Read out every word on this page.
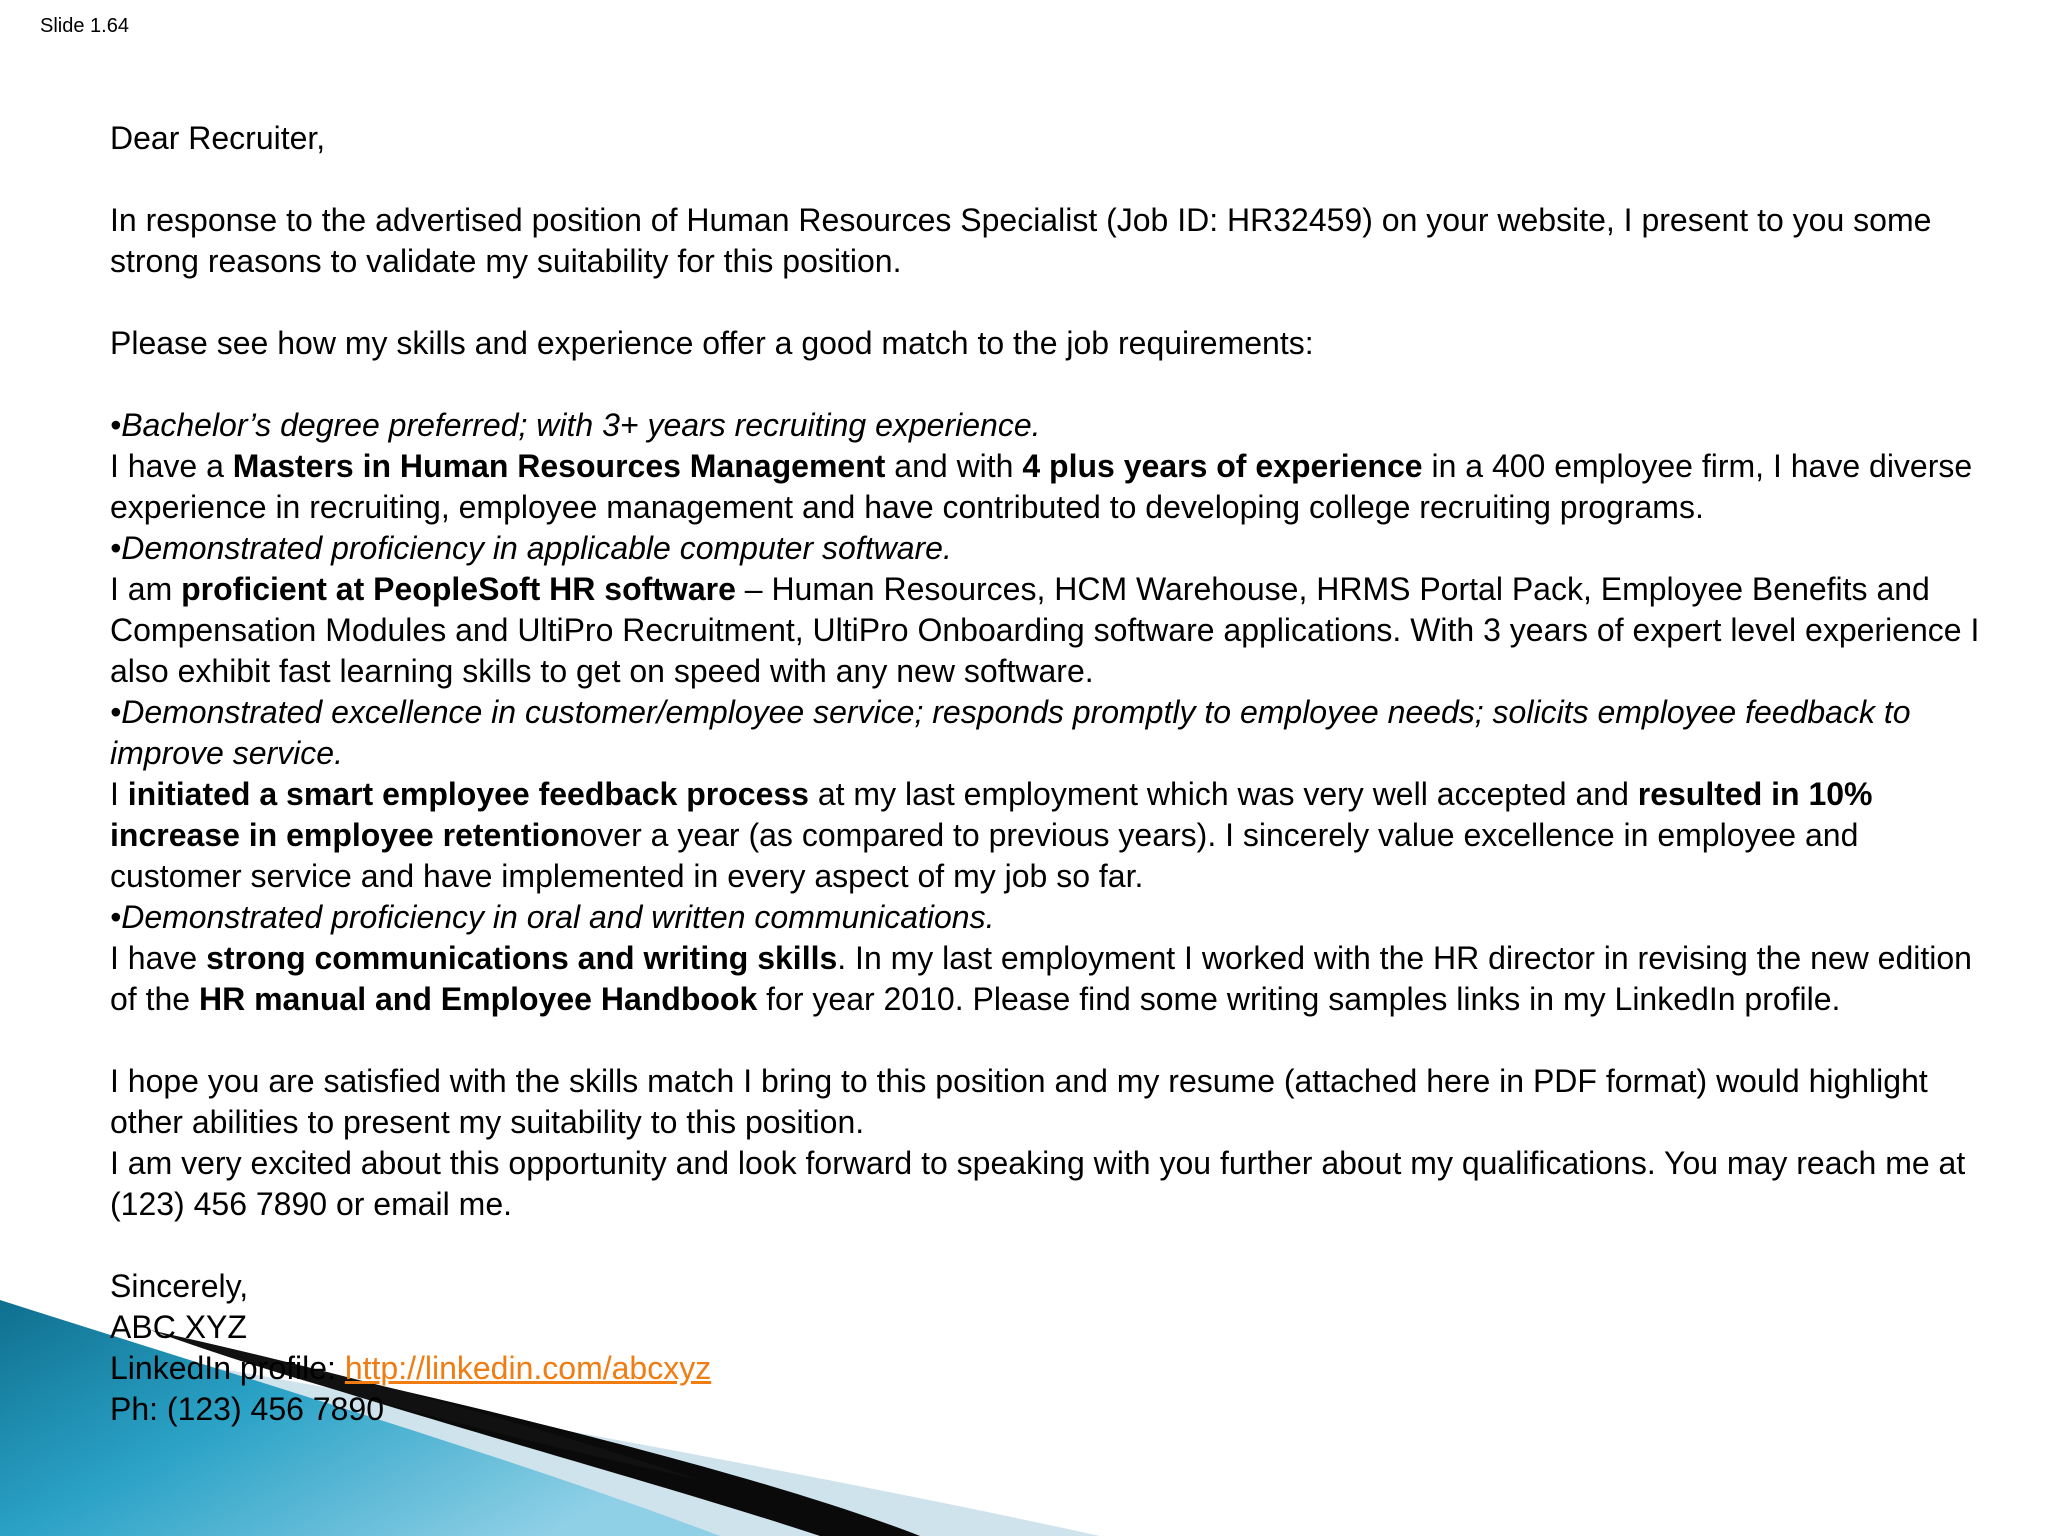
Slide 1.64

Dear Recruiter,

In response to the advertised position of Human Resources Specialist (Job ID: HR32459) on your website, I present to you some strong reasons to validate my suitability for this position.

Please see how my skills and experience offer a good match to the job requirements:

•Bachelor’s degree preferred; with 3+ years recruiting experience.

I have a Masters in Human Resources Management and with 4 plus years of experience in a 400 employee firm, I have diverse experience in recruiting, employee management and have contributed to developing college recruiting programs.

•Demonstrated proficiency in applicable computer software.

I am proficient at PeopleSoft HR software – Human Resources, HCM Warehouse, HRMS Portal Pack, Employee Benefits and Compensation Modules and UltiPro Recruitment, UltiPro Onboarding software applications. With 3 years of expert level experience I also exhibit fast learning skills to get on speed with any new software.

•Demonstrated excellence in customer/employee service; responds promptly to employee needs; solicits employee feedback to improve service.

I initiated a smart employee feedback process at my last employment which was very well accepted and resulted in 10% increase in employee retentionover a year (as compared to previous years). I sincerely value excellence in employee and customer service and have implemented in every aspect of my job so far.

•Demonstrated proficiency in oral and written communications.

I have strong communications and writing skills. In my last employment I worked with the HR director in revising the new edition of the HR manual and Employee Handbook for year 2010. Please find some writing samples links in my LinkedIn profile.

I hope you are satisfied with the skills match I bring to this position and my resume (attached here in PDF format) would highlight other abilities to present my suitability to this position.

I am very excited about this opportunity and look forward to speaking with you further about my qualifications. You may reach me at (123) 456 7890 or email me.

Sincerely,

ABC XYZ

LinkedIn profile: http://linkedin.com/abcxyz

Ph: (123) 456 7890
